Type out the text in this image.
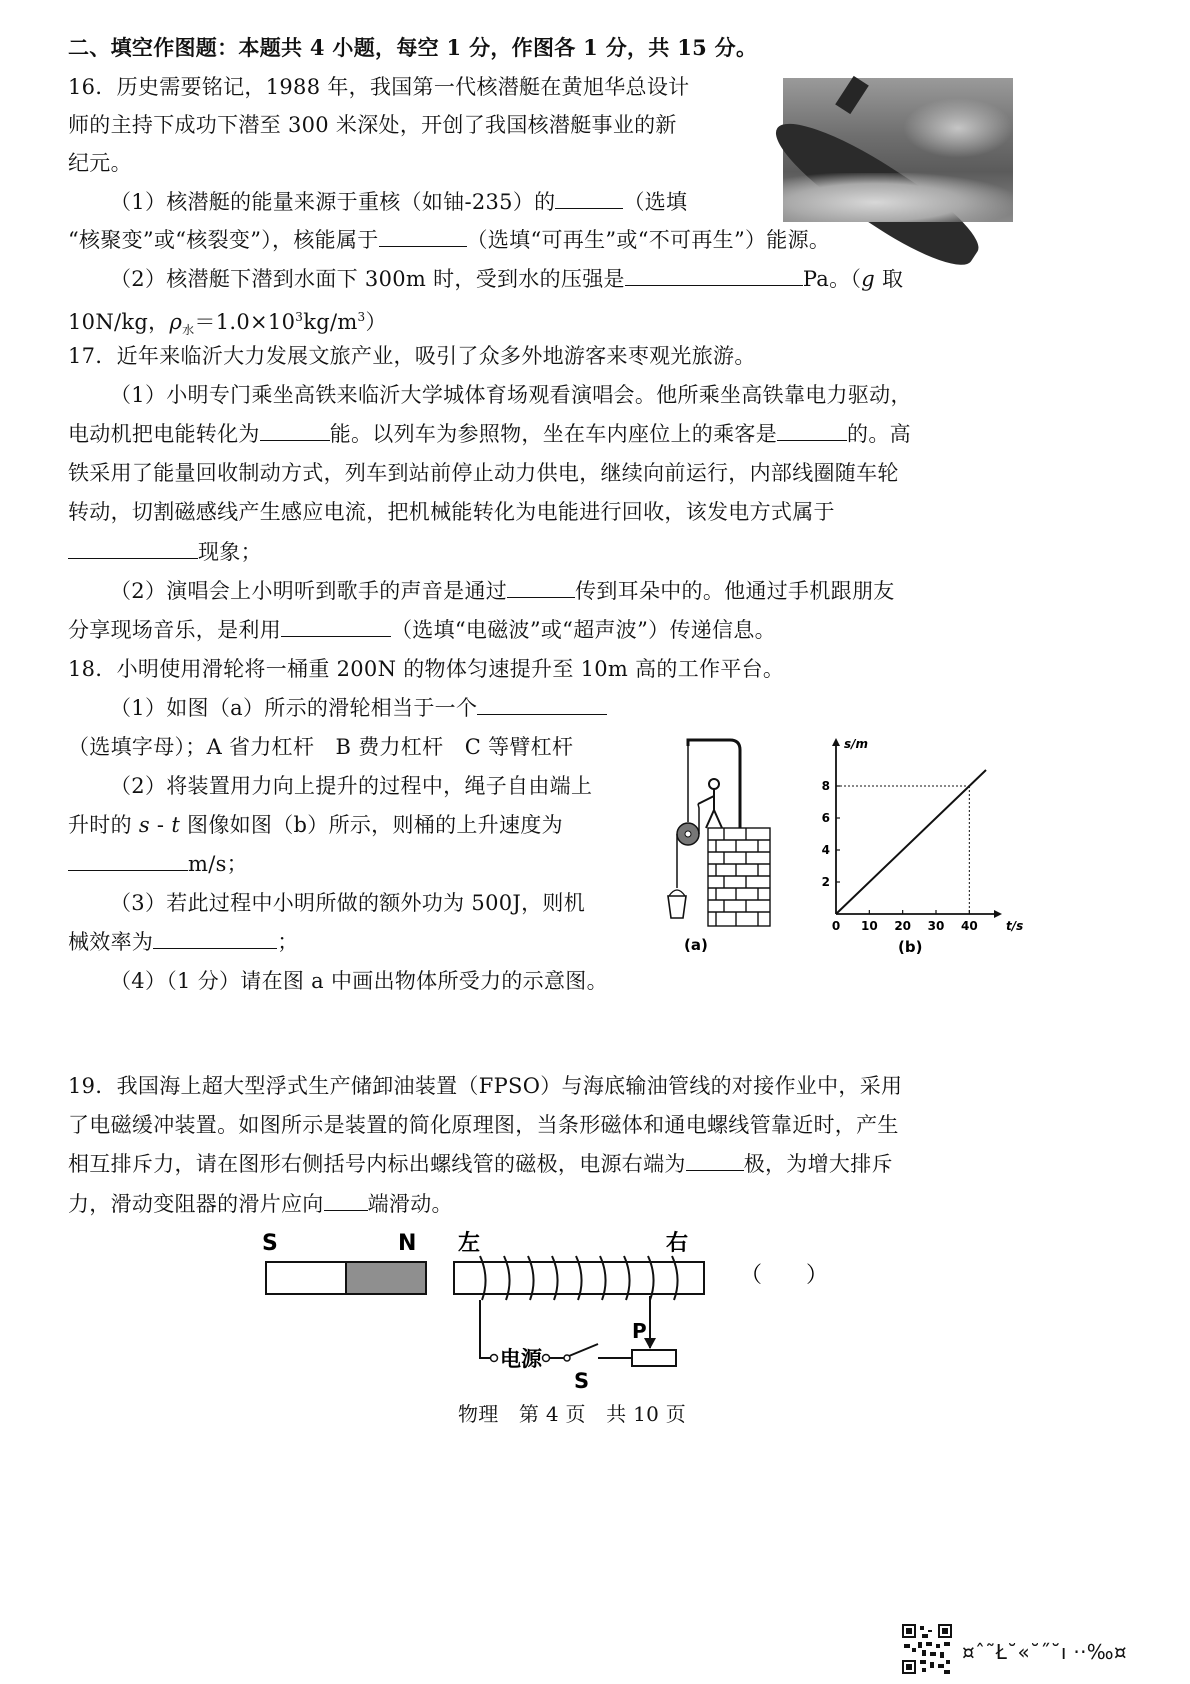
二、填空作图题：本题共 4 小题，每空 1 分，作图各 1 分，共 15 分。
16．历史需要铭记，1988 年，我国第一代核潜艇在黄旭华总设计
师的主持下成功下潜至 300 米深处，开创了我国核潜艇事业的新
纪元。
（1）核潜艇的能量来源于重核（如铀-235）的	（选填
“核聚变”或“核裂变”），核能属于	（选填“可再生”或“不可再生”）能源。
（2）核潜艇下潜到水面下 300m 时，受到水的压强是	Pa。（g 取
10N/kg，$\rho_水=1.0\times 10^3kg/m^3$）
17．近年来临沂大力发展文旅产业，吸引了众多外地游客来枣观光旅游。
（1）小明专门乘坐高铁来临沂大学城体育场观看演唱会。他所乘坐高铁靠电力驱动，
电动机把电能转化为	能。以列车为参照物，坐在车内座位上的乘客是	的。高
铁采用了能量回收制动方式，列车到站前停止动力供电，继续向前运行，内部线圈随车轮
转动，切割磁感线产生感应电流，把机械能转化为电能进行回收，该发电方式属于
现象；
（2）演唱会上小明听到歌手的声音是通过	传到耳朵中的。他通过手机跟朋友
分享现场音乐，是利用	（选填“电磁波”或“超声波”）传递信息。
18．小明使用滑轮将一桶重 200N 的物体匀速提升至 10m 高的工作平台。
（1）如图（a）所示的滑轮相当于一个
（选填字母）；A 省力杠杆　B 费力杠杆　C 等臂杠杆
（2）将装置用力向上提升的过程中，绳子自由端上
升时的 s - t 图像如图（b）所示，则桶的上升速度为
m/s；
（3）若此过程中小明所做的额外功为 500J，则机
械效率为	；
（4）（1 分）请在图 a 中画出物体所受力的示意图。
(a)
0 10 20 30 40
2
4
6
8
t/s
s/m
(b)
19．我国海上超大型浮式生产储卸油装置（FPSO）与海底输油管线的对接作业中，采用
了电磁缓冲装置。如图所示是装置的简化原理图，当条形磁体和通电螺线管靠近时，产生
相互排斥力，请在图形右侧括号内标出螺线管的磁极，电源右端为	极，为增大排斥
力，滑动变阻器的滑片应向 端滑动。
S	N 左	右
（　　）
电源
S
P
物理　第 4 页　共 10 页
¤ˆ˜Ł˘«˘˝˘ı ··‰¤
